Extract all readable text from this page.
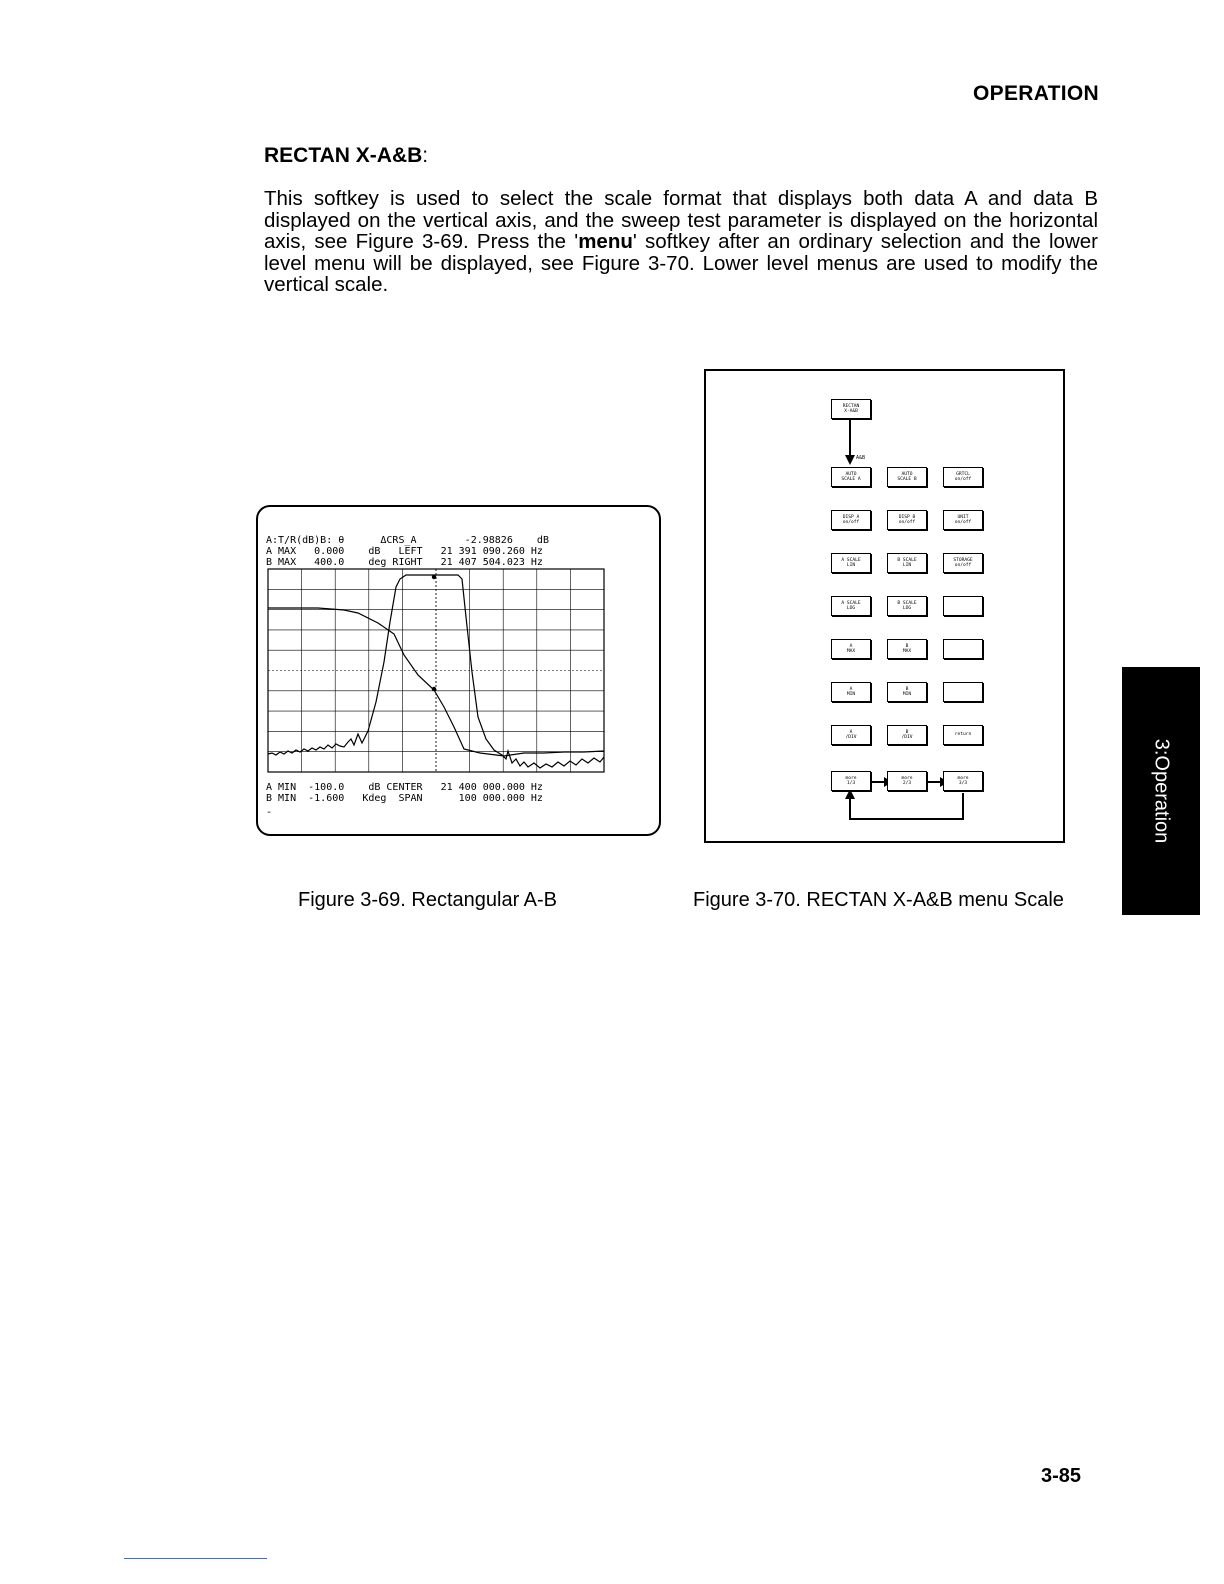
OPERATION
RECTAN X-A&B:

This softkey is used to select the scale format that displays both data A and data B displayed on the vertical axis, and the sweep test parameter is displayed on the horizontal axis, see Figure 3-69. Press the 'menu' softkey after an ordinary selection and the lower level menu will be displayed, see Figure 3-70. Lower level menus are used to modify the vertical scale.

A:T/R(dB)B: θ      ΔCRS_A        -2.98826    dB
A MAX   0.000    dB   LEFT   21 391 090.260 Hz
B MAX   400.0    deg RIGHT   21 407 504.023 Hz
A MIN  -100.0    dB CENTER   21 400 000.000 Hz
B MIN  -1.600   Kdeg  SPAN      100 000.000 Hz
-
Figure 3-69. Rectangular A-B
A&B
RECTAN
X-A&B
AUTO
SCALE A
AUTO
SCALE B
GRTCL
on/off
DISP A
on/off
DISP B
on/off
UNIT
on/off
A SCALE
LIN
B SCALE
LIN
STORAGE
on/off
A SCALE
LOG
B SCALE
LOG
A
MAX
B
MAX
A
MIN
B
MIN
A
/DIV
B
/DIV
return
more
1/3
more
2/3
more
3/3
Figure 3-70. RECTAN X-A&B menu Scale
3:Operation
3-85
